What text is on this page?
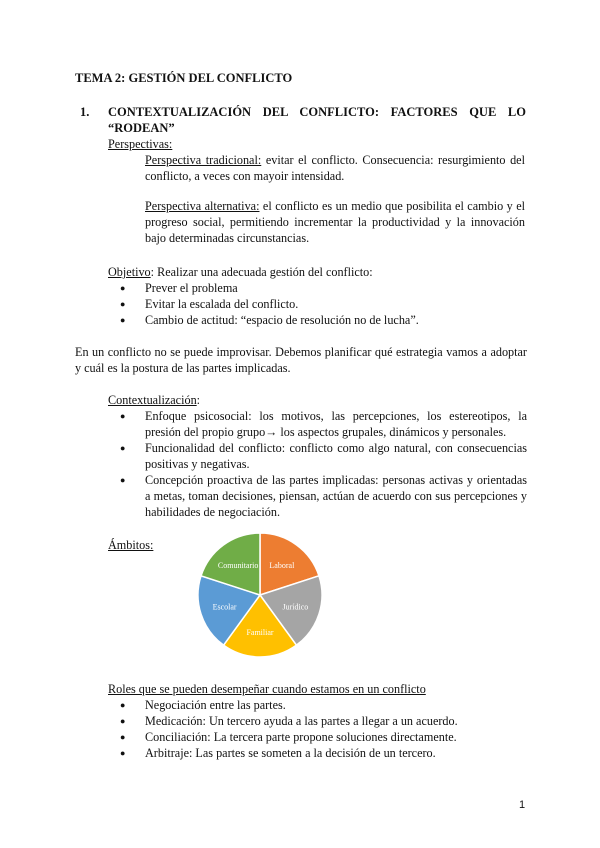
TEMA 2: GESTIÓN DEL CONFLICTO
1. CONTEXTUALIZACIÓN DEL CONFLICTO: FACTORES QUE LO
“RODEAN”
Perspectivas:
Perspectiva tradicional: evitar el conflicto. Consecuencia: resurgimiento del conflicto, a veces con mayoir intensidad.
Perspectiva alternativa: el conflicto es un medio que posibilita el cambio y el progreso social, permitiendo incrementar la productividad y la innovación bajo determinadas circunstancias.
Objetivo: Realizar una adecuada gestión del conflicto:
● Prever el problema
● Evitar la escalada del conflicto.
● Cambio de actitud: “espacio de resolución no de lucha”.
En un conflicto no se puede improvisar. Debemos planificar qué estrategia vamos a adoptar y cuál es la postura de las partes implicadas.
Contextualización:
● Enfoque psicosocial: los motivos, las percepciones, los estereotipos, la presión del propio grupo→ los aspectos grupales, dinámicos y personales.
● Funcionalidad del conflicto: conflicto como algo natural, con consecuencias positivas y negativas.
● Concepción proactiva de las partes implicadas: personas activas y orientadas a metas, toman decisiones, piensan, actúan de acuerdo con sus percepciones y habilidades de negociación.
Ámbitos:
Laboral
Jurídico
Familiar
Escolar
Comunitario
Roles que se pueden desempeñar cuando estamos en un conflicto
● Negociación entre las partes.
● Medicación: Un tercero ayuda a las partes a llegar a un acuerdo.
● Conciliación: La tercera parte propone soluciones directamente.
● Arbitraje: Las partes se someten a la decisión de un tercero.
1
